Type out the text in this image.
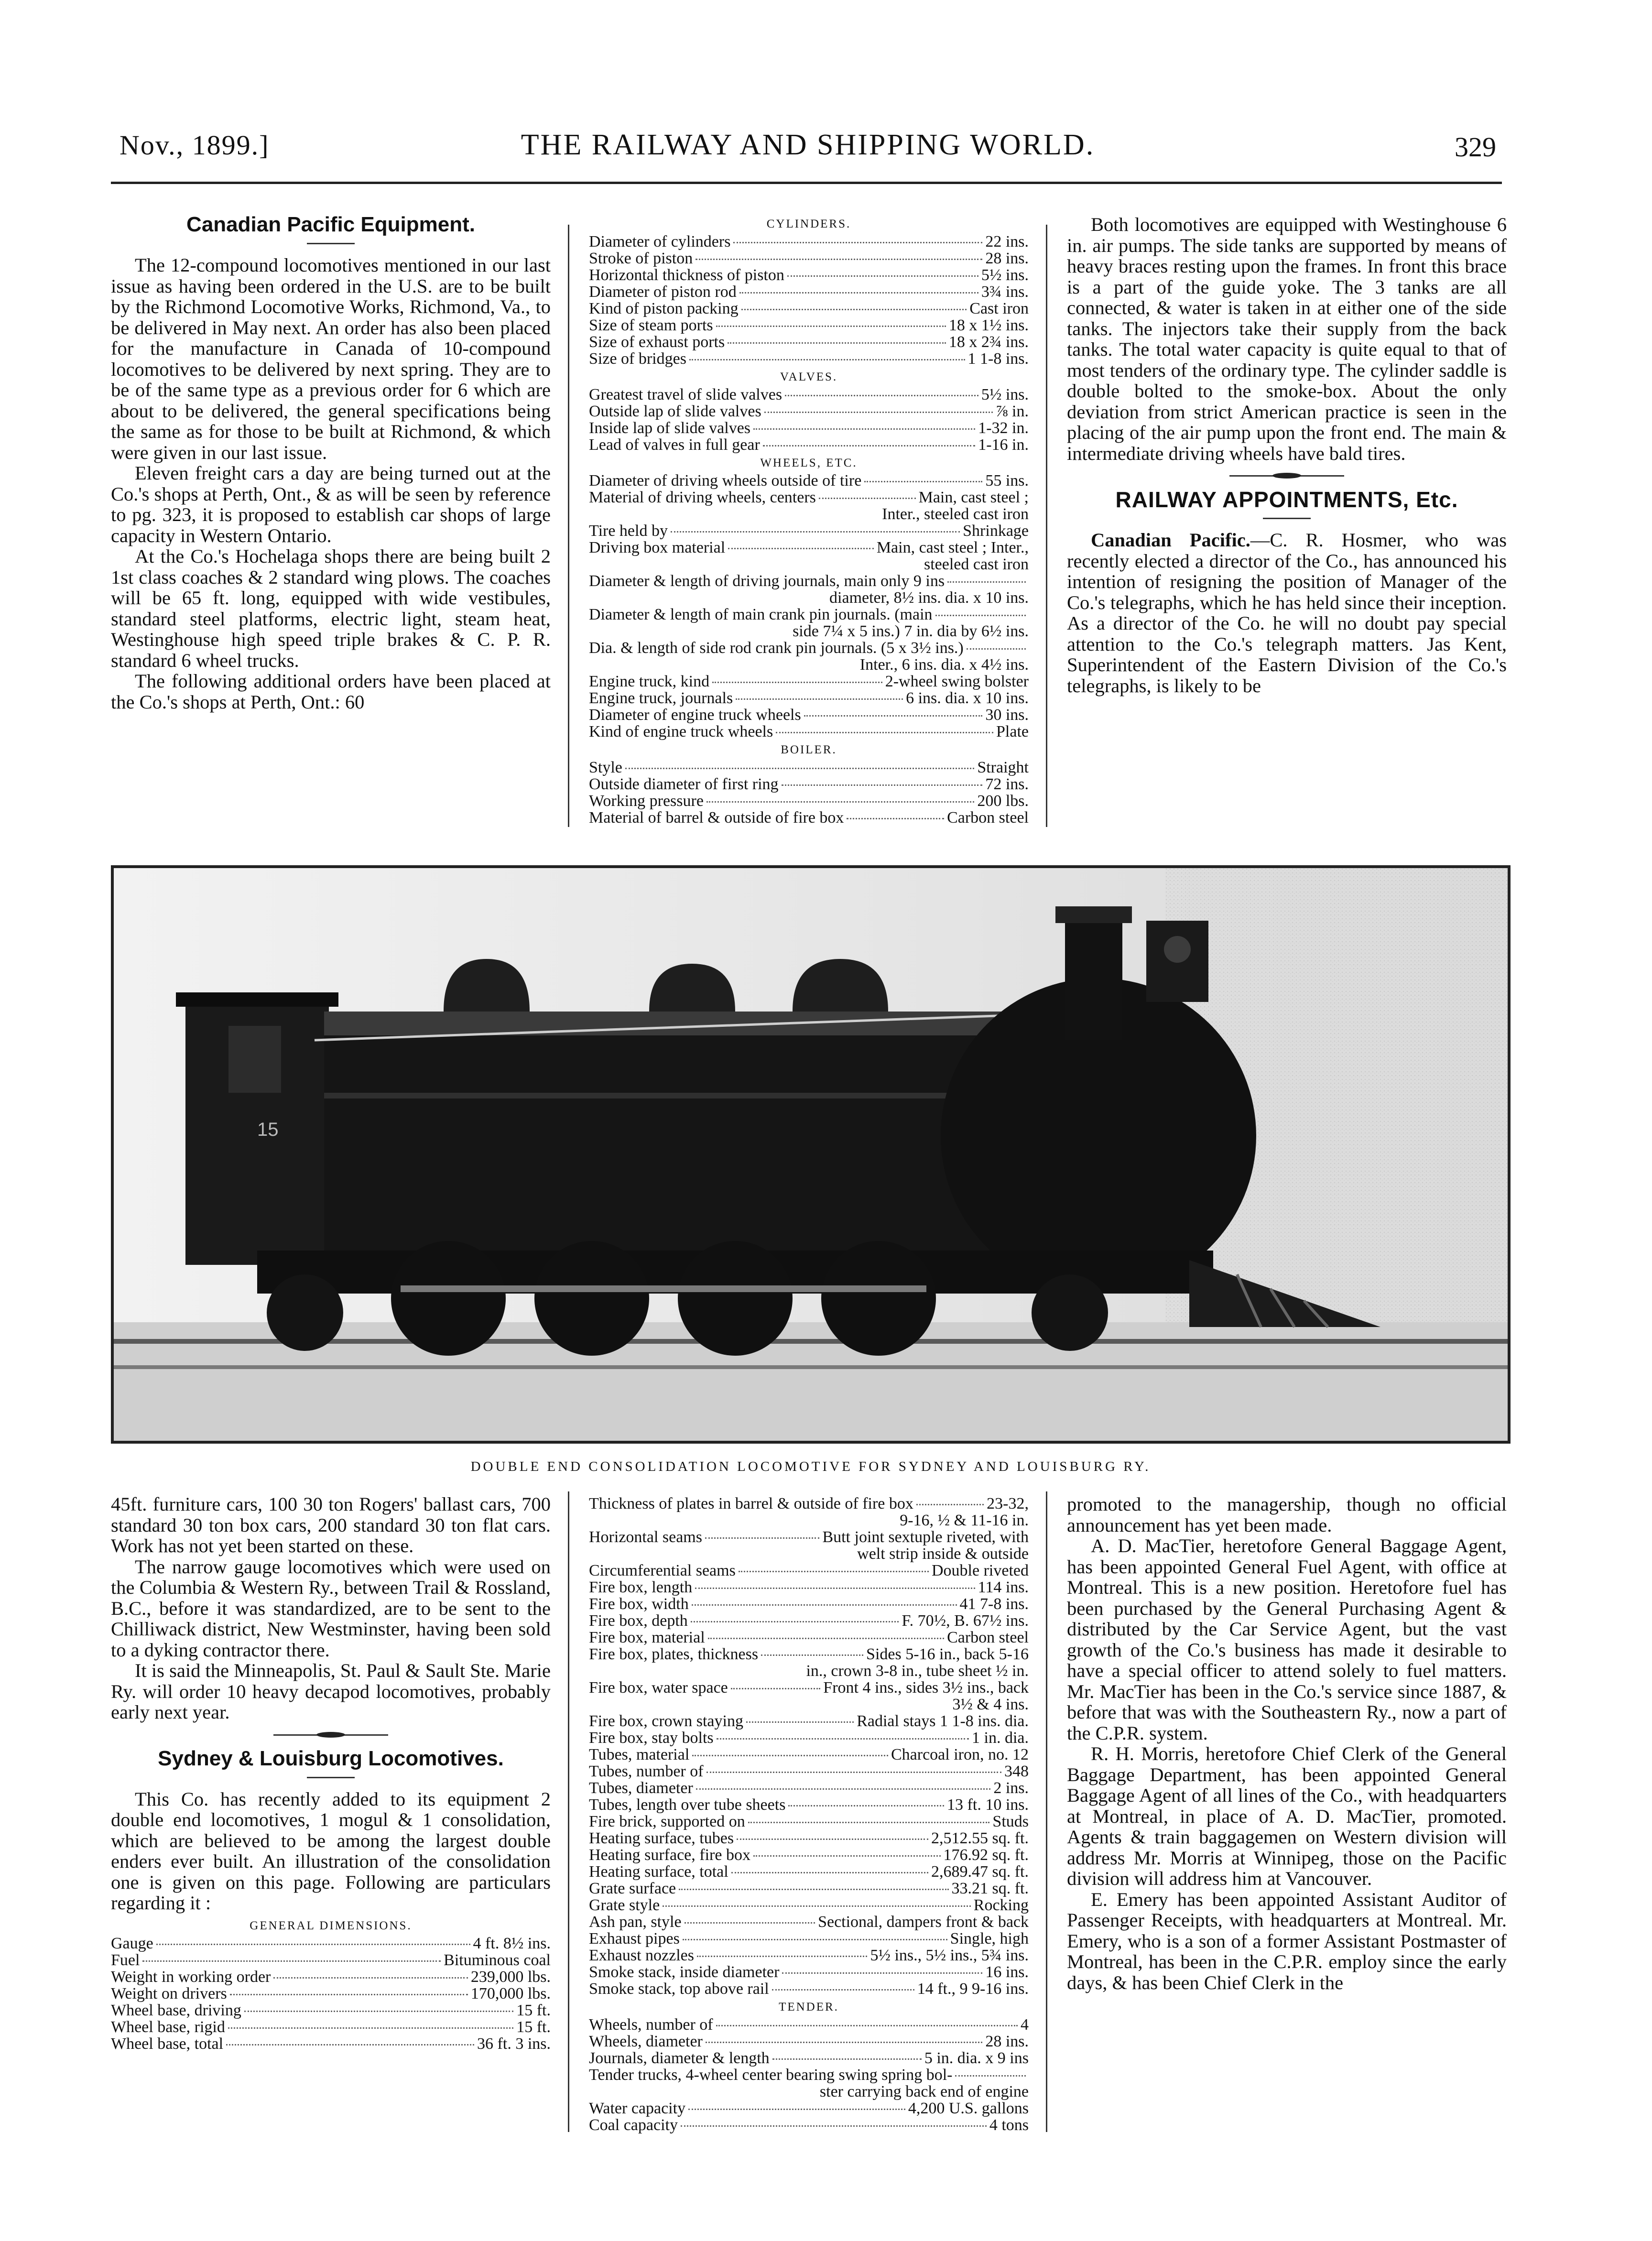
Nov., 1899.]	THE RAILWAY AND SHIPPING WORLD.	329
Canadian Pacific Equipment.

The 12-compound locomotives mentioned in our last issue as having been ordered in the U.S. are to be built by the Richmond Locomotive Works, Richmond, Va., to be delivered in May next. An order has also been placed for the manufacture in Canada of 10-compound locomotives to be delivered by next spring. They are to be of the same type as a previous order for 6 which are about to be delivered, the general specifications being the same as for those to be built at Richmond, & which were given in our last issue.

Eleven freight cars a day are being turned out at the Co.'s shops at Perth, Ont., & as will be seen by reference to pg. 323, it is proposed to establish car shops of large capacity in Western Ontario.

At the Co.'s Hochelaga shops there are being built 2 1st class coaches & 2 standard wing plows. The coaches will be 65 ft. long, equipped with wide vestibules, standard steel platforms, electric light, steam heat, Westinghouse high speed triple brakes & C. P. R. standard 6 wheel trucks.

The following additional orders have been placed at the Co.'s shops at Perth, Ont.: 60

CYLINDERS.
Diameter of cylinders	22 ins.
Stroke of piston	28 ins.
Horizontal thickness of piston	5½ ins.
Diameter of piston rod	3¾ ins.
Kind of piston packing	Cast iron
Size of steam ports	18 x 1½ ins.
Size of exhaust ports	18 x 2¾ ins.
Size of bridges	1 1-8 ins.
VALVES.
Greatest travel of slide valves	5½ ins.
Outside lap of slide valves	⅞ in.
Inside lap of slide valves	1-32 in.
Lead of valves in full gear	1-16 in.
WHEELS, ETC.
Diameter of driving wheels outside of tire	55 ins.
Material of driving wheels, centers	Main, cast steel ;
Inter., steeled cast iron
Tire held by	Shrinkage
Driving box material	Main, cast steel ; Inter.,
steeled cast iron
Diameter & length of driving journals, main only 9 ins
diameter, 8½ ins. dia. x 10 ins.
Diameter & length of main crank pin journals. (main
side 7¼ x 5 ins.) 7 in. dia by 6½ ins.
Dia. & length of side rod crank pin journals. (5 x 3½ ins.)
Inter., 6 ins. dia. x 4½ ins.
Engine truck, kind	2-wheel swing bolster
Engine truck, journals	6 ins. dia. x 10 ins.
Diameter of engine truck wheels	30 ins.
Kind of engine truck wheels	Plate
BOILER.
Style	Straight
Outside diameter of first ring	72 ins.
Working pressure	200 lbs.
Material of barrel & outside of fire box	Carbon steel

Both locomotives are equipped with Westinghouse 6 in. air pumps. The side tanks are supported by means of heavy braces resting upon the frames. In front this brace is a part of the guide yoke. The 3 tanks are all connected, & water is taken in at either one of the side tanks. The injectors take their supply from the back tanks. The total water capacity is quite equal to that of most tenders of the ordinary type. The cylinder saddle is double bolted to the smoke-box. About the only deviation from strict American practice is seen in the placing of the air pump upon the front end. The main & intermediate driving wheels have bald tires.

RAILWAY APPOINTMENTS, Etc.

Canadian Pacific.—C. R. Hosmer, who was recently elected a director of the Co., has announced his intention of resigning the position of Manager of the Co.'s telegraphs, which he has held since their inception. As a director of the Co. he will no doubt pay special attention to the Co.'s telegraph matters. Jas Kent, Superintendent of the Eastern Division of the Co.'s telegraphs, is likely to be

15
DOUBLE END CONSOLIDATION LOCOMOTIVE FOR SYDNEY AND LOUISBURG RY.

45ft. furniture cars, 100 30 ton Rogers' ballast cars, 700 standard 30 ton box cars, 200 standard 30 ton flat cars. Work has not yet been started on these.

The narrow gauge locomotives which were used on the Columbia & Western Ry., between Trail & Rossland, B.C., before it was standardized, are to be sent to the Chilliwack district, New Westminster, having been sold to a dyking contractor there.

It is said the Minneapolis, St. Paul & Sault Ste. Marie Ry. will order 10 heavy decapod locomotives, probably early next year.

Sydney & Louisburg Locomotives.

This Co. has recently added to its equipment 2 double end locomotives, 1 mogul & 1 consolidation, which are believed to be among the largest double enders ever built. An illustration of the consolidation one is given on this page. Following are particulars regarding it :

GENERAL DIMENSIONS.
Gauge	4 ft. 8½ ins.
Fuel	Bituminous coal
Weight in working order	239,000 lbs.
Weight on drivers	170,000 lbs.
Wheel base, driving	15 ft.
Wheel base, rigid	15 ft.
Wheel base, total	36 ft. 3 ins.
Thickness of plates in barrel & outside of fire box	23-32,
9-16, ½ & 11-16 in.
Horizontal seams	Butt joint sextuple riveted, with
welt strip inside & outside
Circumferential seams	Double riveted
Fire box, length	114 ins.
Fire box, width	41 7-8 ins.
Fire box, depth	F. 70½, B. 67½ ins.
Fire box, material	Carbon steel
Fire box, plates, thickness	Sides 5-16 in., back 5-16
in., crown 3-8 in., tube sheet ½ in.
Fire box, water space	Front 4 ins., sides 3½ ins., back
3½ & 4 ins.
Fire box, crown staying	Radial stays 1 1-8 ins. dia.
Fire box, stay bolts	1 in. dia.
Tubes, material	Charcoal iron, no. 12
Tubes, number of	348
Tubes, diameter	2 ins.
Tubes, length over tube sheets	13 ft. 10 ins.
Fire brick, supported on	Studs
Heating surface, tubes	2,512.55 sq. ft.
Heating surface, fire box	176.92 sq. ft.
Heating surface, total	2,689.47 sq. ft.
Grate surface	33.21 sq. ft.
Grate style	Rocking
Ash pan, style	Sectional, dampers front & back
Exhaust pipes	Single, high
Exhaust nozzles	5½ ins., 5½ ins., 5¾ ins.
Smoke stack, inside diameter	16 ins.
Smoke stack, top above rail	14 ft., 9 9-16 ins.
TENDER.
Wheels, number of	4
Wheels, diameter	28 ins.
Journals, diameter & length	5 in. dia. x 9 ins
Tender trucks, 4-wheel center bearing swing spring bol-
ster carrying back end of engine
Water capacity	4,200 U.S. gallons
Coal capacity	4 tons

promoted to the managership, though no official announcement has yet been made.

A. D. MacTier, heretofore General Baggage Agent, has been appointed General Fuel Agent, with office at Montreal. This is a new position. Heretofore fuel has been purchased by the General Purchasing Agent & distributed by the Car Service Agent, but the vast growth of the Co.'s business has made it desirable to have a special officer to attend solely to fuel matters. Mr. MacTier has been in the Co.'s service since 1887, & before that was with the Southeastern Ry., now a part of the C.P.R. system.

R. H. Morris, heretofore Chief Clerk of the General Baggage Department, has been appointed General Baggage Agent of all lines of the Co., with headquarters at Montreal, in place of A. D. MacTier, promoted. Agents & train baggagemen on Western division will address Mr. Morris at Winnipeg, those on the Pacific division will address him at Vancouver.

E. Emery has been appointed Assistant Auditor of Passenger Receipts, with headquarters at Montreal. Mr. Emery, who is a son of a former Assistant Postmaster of Montreal, has been in the C.P.R. employ since the early days, & has been Chief Clerk in the
